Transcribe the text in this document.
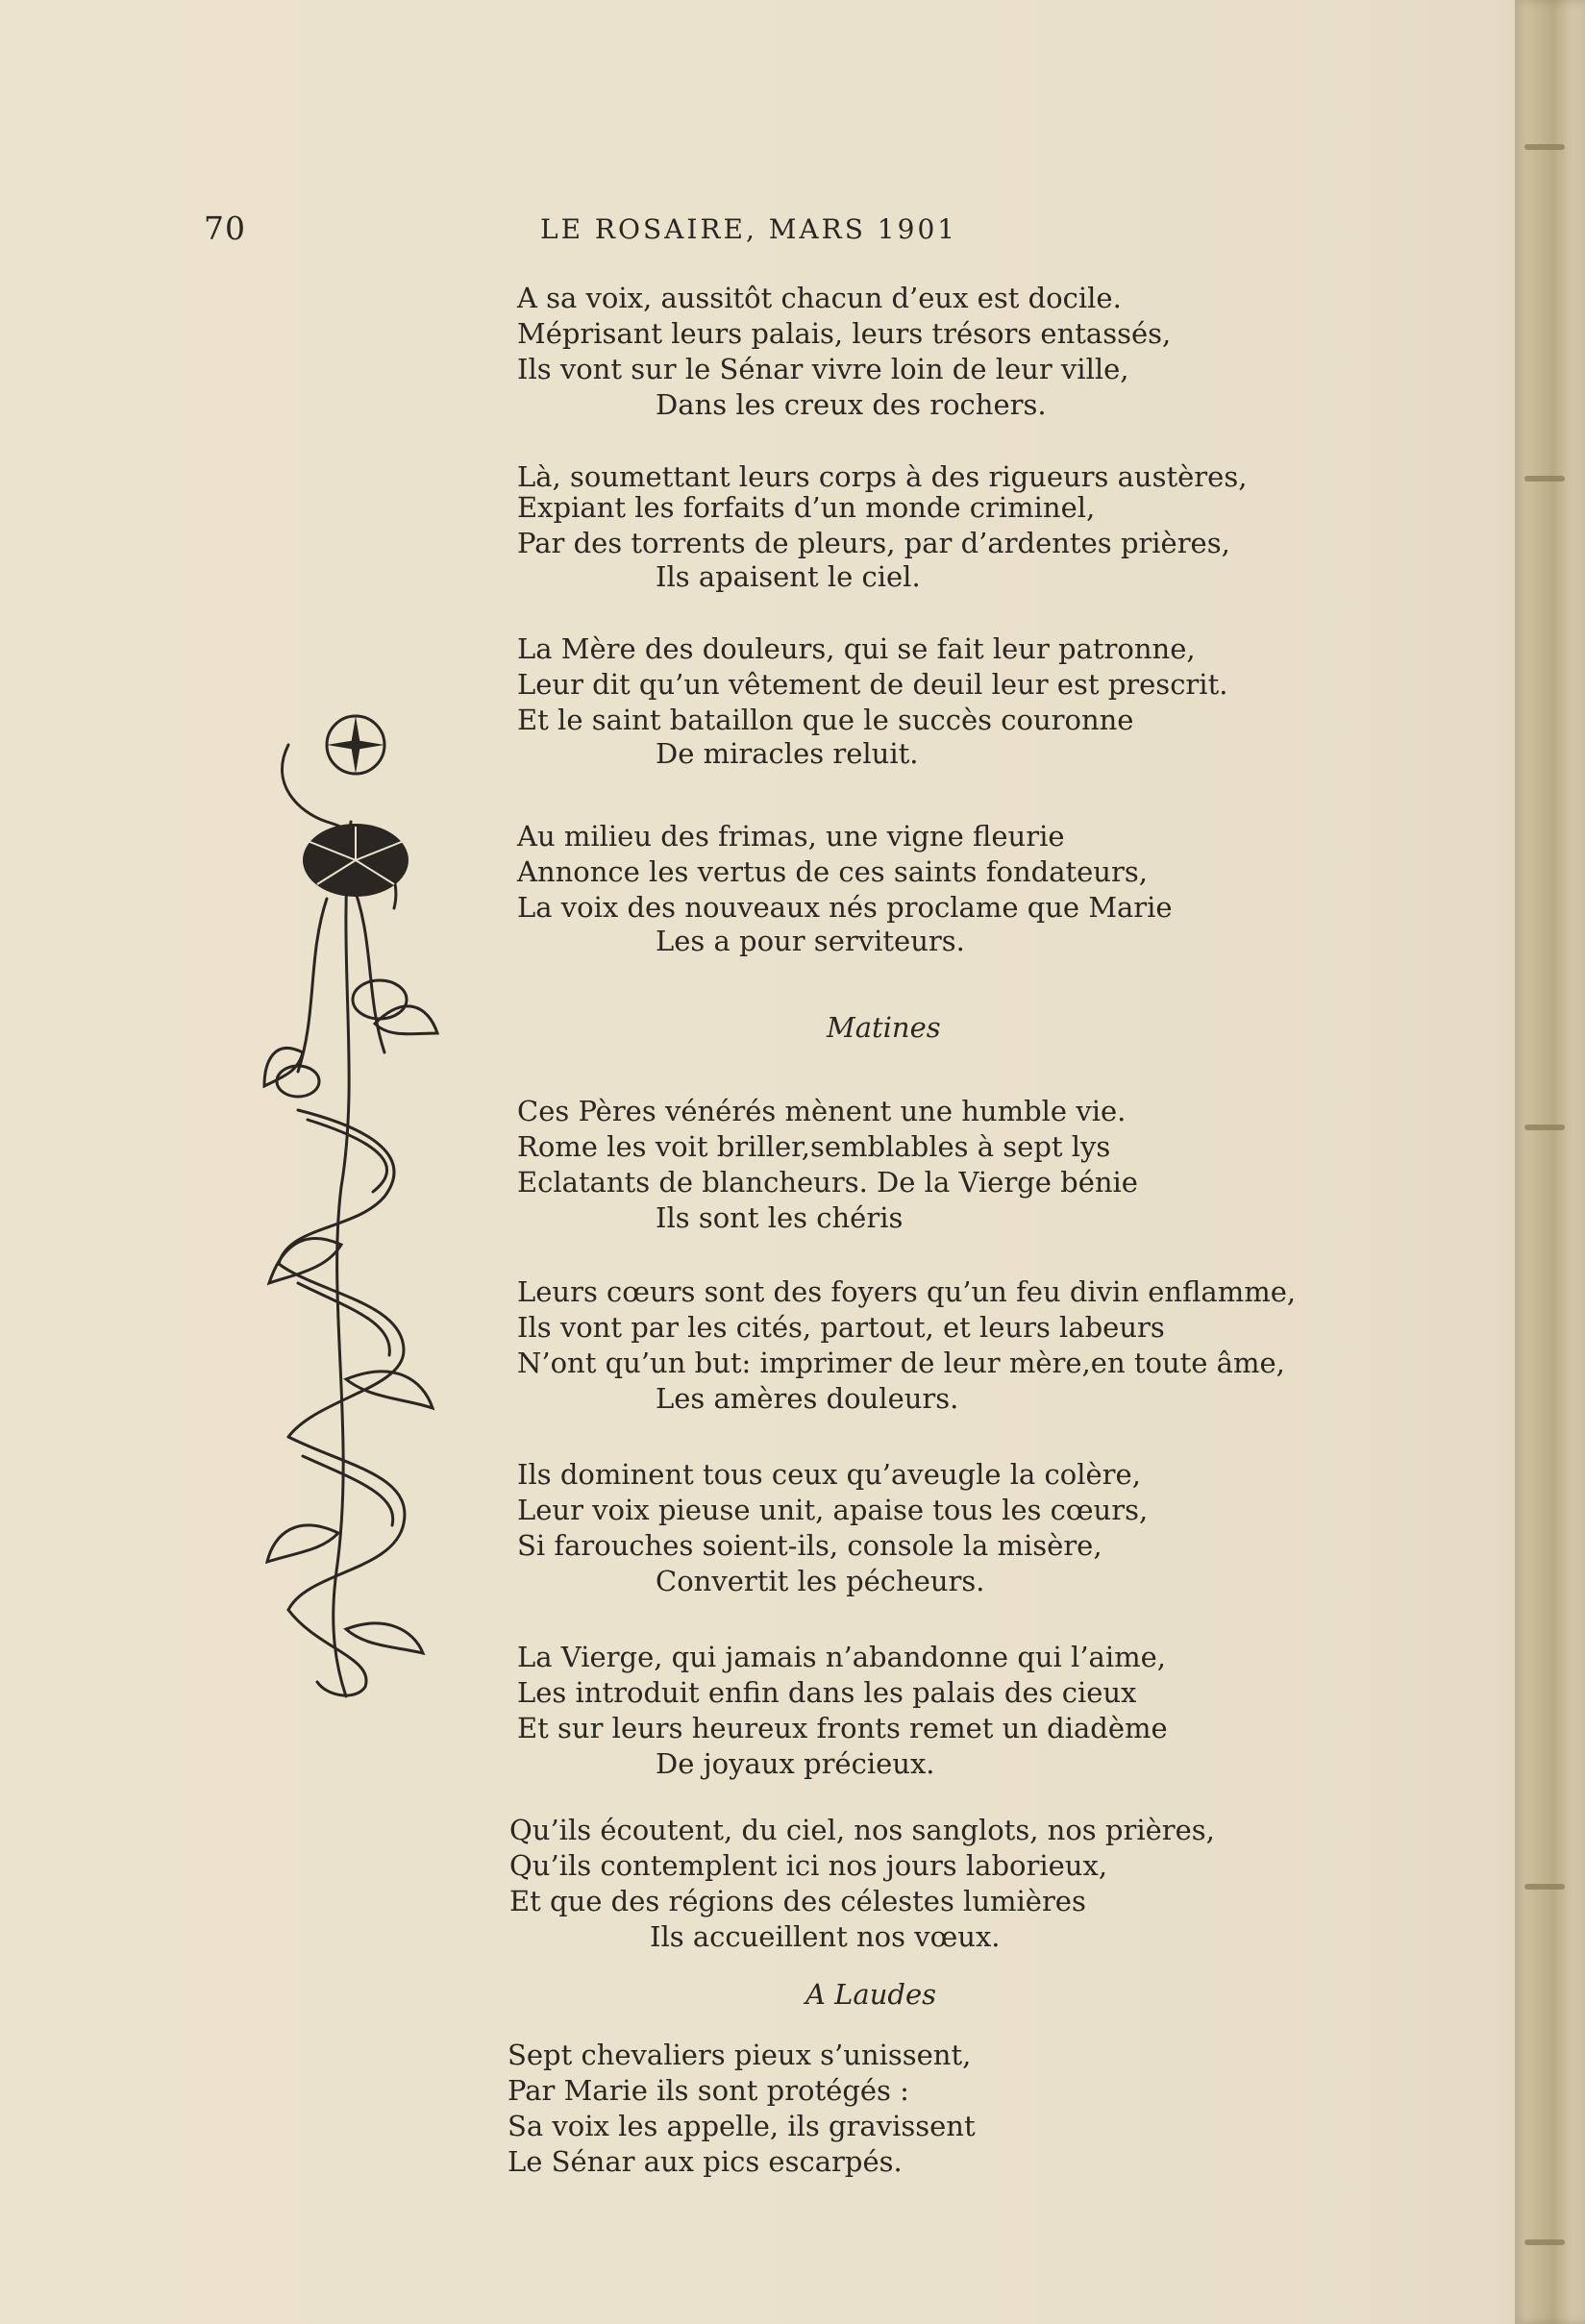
70	LE ROSAIRE, MARS 1901
A sa voix, aussitôt chacun d’eux est docile.
Méprisant leurs palais, leurs trésors entassés,
Ils vont sur le Sénar vivre loin de leur ville,
Dans les creux des rochers.
Là, soumettant leurs corps à des rigueurs austères,
Expiant les forfaits d’un monde criminel,
Par des torrents de pleurs, par d’ardentes prières,
Ils apaisent le ciel.
La Mère des douleurs, qui se fait leur patronne,
Leur dit qu’un vêtement de deuil leur est prescrit.
Et le saint bataillon que le succès couronne
De miracles reluit.
Au milieu des frimas, une vigne fleurie
Annonce les vertus de ces saints fondateurs,
La voix des nouveaux nés proclame que Marie
Les a pour serviteurs.
Matines
Ces Pères vénérés mènent une humble vie.
Rome les voit briller,semblables à sept lys
Eclatants de blancheurs. De la Vierge bénie
Ils sont les chéris
Leurs cœurs sont des foyers qu’un feu divin enflamme,
Ils vont par les cités, partout, et leurs labeurs
N’ont qu’un but: imprimer de leur mère,en toute âme,
Les amères douleurs.
Ils dominent tous ceux qu’aveugle la colère,
Leur voix pieuse unit, apaise tous les cœurs,
Si farouches soient-ils, console la misère,
Convertit les pécheurs.
La Vierge, qui jamais n’abandonne qui l’aime,
Les introduit enfin dans les palais des cieux
Et sur leurs heureux fronts remet un diadème
De joyaux précieux.
Qu’ils écoutent, du ciel, nos sanglots, nos prières,
Qu’ils contemplent ici nos jours laborieux,
Et que des régions des célestes lumières
Ils accueillent nos vœux.
A Laudes
Sept chevaliers pieux s’unissent,
Par Marie ils sont protégés :
Sa voix les appelle, ils gravissent
Le Sénar aux pics escarpés.
